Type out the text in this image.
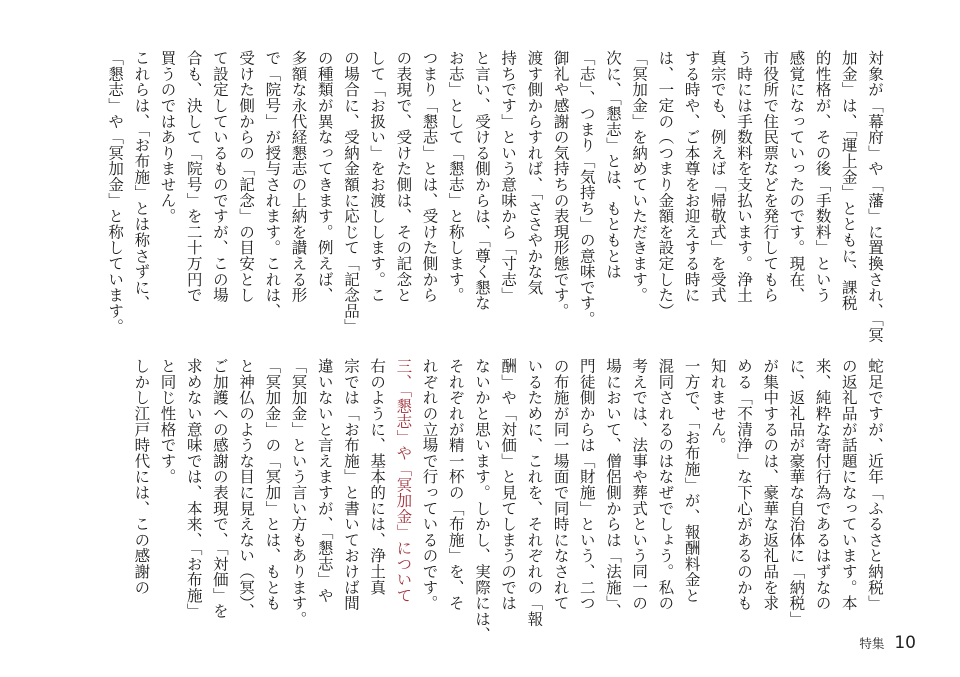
対象が「幕府」や「藩」に置換され、「冥
加金」は、「運上金」とともに、課税
的性格が、その後「手数料」という
感覚になっていったのです。現在、
市役所で住民票などを発行してもら
う時には手数料を支払います。浄土
真宗でも、例えば「帰敬式」を受式
する時や、ご本尊をお迎えする時に
は、一定の（つまり金額を設定した）
「冥加金」を納めていただきます。
次に、「懇志」とは、もともとは
「志」、つまり「気持ち」の意味です。
御礼や感謝の気持ちの表現形態です。
渡す側からすれば、「ささやかな気
持ちです」という意味から「寸志」
と言い、受ける側からは、「尊く懇な
お志」として「懇志」と称します。
つまり「懇志」とは、受けた側から
の表現で、受けた側は、その記念と
して「お扱い」をお渡しします。こ
の場合に、受納金額に応じて「記念品」
の種類が異なってきます。例えば、
多額な永代経懇志の上納を讃える形
で「院号」が授与されます。これは、
受けた側からの「記念」の目安とし
て設定しているものですが、この場
合も、決して「院号」を二十万円で
買うのではありません。
これらは、「お布施」とは称さずに、
「懇志」や「冥加金」と称しています。
蛇足ですが、近年「ふるさと納税」
の返礼品が話題になっています。本
来、純粋な寄付行為であるはずなの
に、返礼品が豪華な自治体に「納税」
が集中するのは、豪華な返礼品を求
める「不清浄」な下心があるのかも
知れません。
一方で、「お布施」が、報酬料金と
混同されるのはなぜでしょう。私の
考えでは、法事や葬式という同一の
場において、僧侶側からは「法施」、
門徒側からは「財施」という、二つ
の布施が同一場面で同時になされて
いるために、これを、それぞれの「報
酬」や「対価」と見てしまうのでは
ないかと思います。しかし、実際には、
それぞれが精一杯の「布施」を、そ
れぞれの立場で行っているのです。
三、「懇志」や「冥加金」について
右のように、基本的には、浄土真
宗では「お布施」と書いておけば間
違いないと言えますが、「懇志」や
「冥加金」という言い方もあります。
「冥加金」の「冥加」とは、もとも
と神仏のような目に見えない（冥）、
ご加護への感謝の表現で、「対価」を
求めない意味では、本来、「お布施」
と同じ性格です。
しかし江戸時代には、この感謝の
特集 10
